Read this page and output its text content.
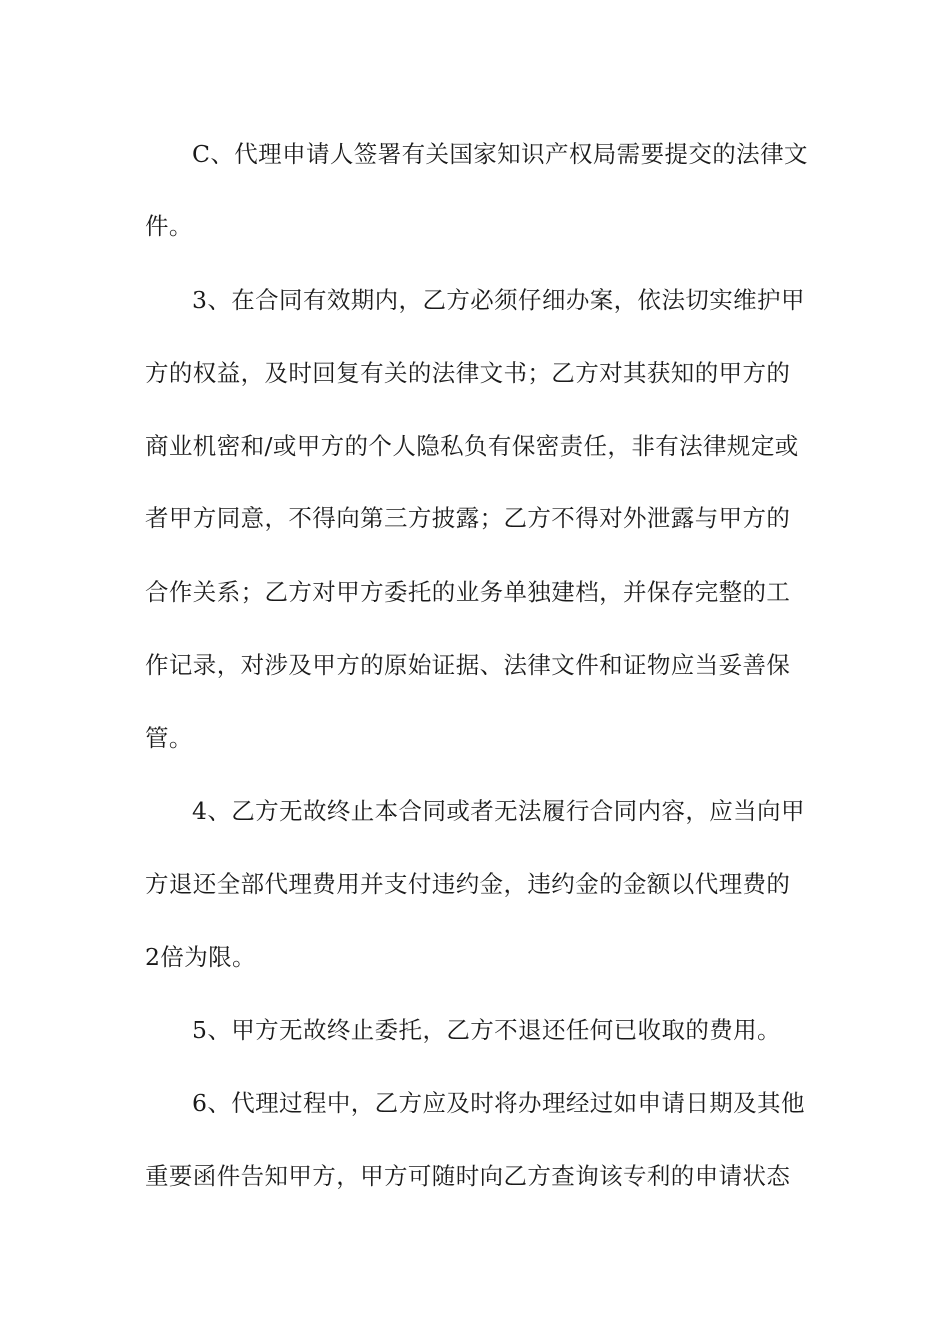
C、代理申请人签署有关国家知识产权局需要提交的法律文
件。
3、在合同有效期内，乙方必须仔细办案，依法切实维护甲
方的权益，及时回复有关的法律文书；乙方对其获知的甲方的
商业机密和/或甲方的个人隐私负有保密责任，非有法律规定或
者甲方同意，不得向第三方披露；乙方不得对外泄露与甲方的
合作关系；乙方对甲方委托的业务单独建档，并保存完整的工
作记录，对涉及甲方的原始证据、法律文件和证物应当妥善保
管。
4、乙方无故终止本合同或者无法履行合同内容，应当向甲
方退还全部代理费用并支付违约金，违约金的金额以代理费的
2倍为限。
5、甲方无故终止委托，乙方不退还任何已收取的费用。
6、代理过程中，乙方应及时将办理经过如申请日期及其他
重要函件告知甲方，甲方可随时向乙方查询该专利的申请状态
